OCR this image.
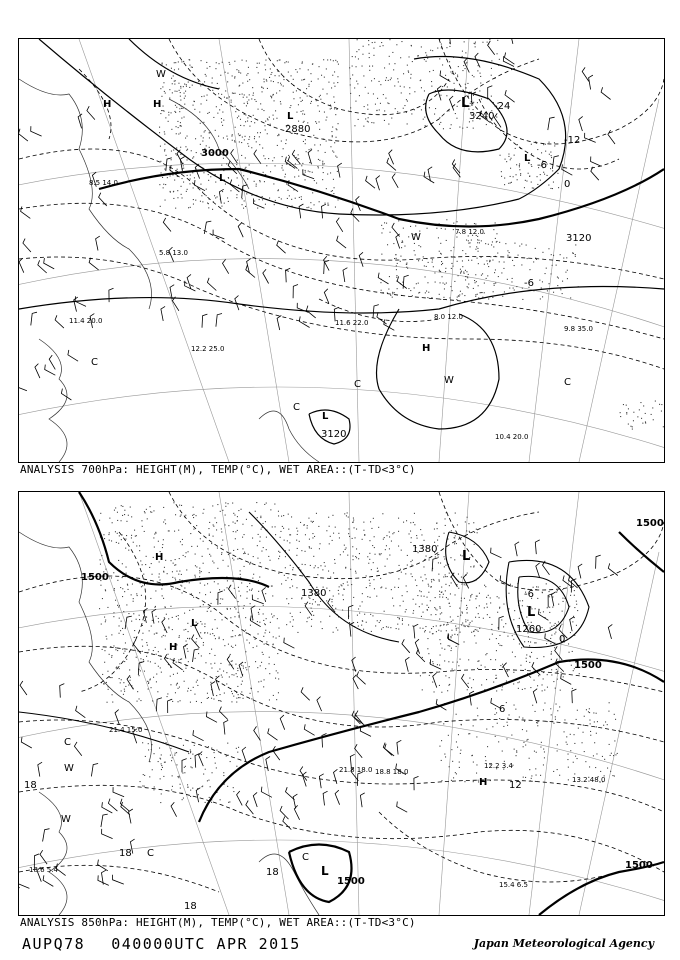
H	H
L
L
L
L
H
L
3000
2880
3120
3120
3240
-24
-12
-6
0
-6
W
W
C	C
C
W
C
8.5 14.0
5.8 13.0
11.4 20.0
9.8 35.0
8.0 12.0
12.2 25.0
11.6 22.0
10.4 20.0
7.8 12.0
ANALYSIS 700hPa: HEIGHT(M), TEMP(°C), WET AREA::(T-TD<3°C)
H
L
H
L
L
L
H
1500
1380
1500
1500
1260
1500
1500
1380
18
18
12
18
6
-6
0
18
W
C
W
C
C
13.2 48.0
12.2 3.4
18.8 18.0
21.4 15.0
21.8 18.0
15.4 6.5
18.6 5.4
ANALYSIS 850hPa: HEIGHT(M), TEMP(°C), WET AREA::(T-TD<3°C)
AUPQ78 040000UTC APR 2015	Japan Meteorological Agency
